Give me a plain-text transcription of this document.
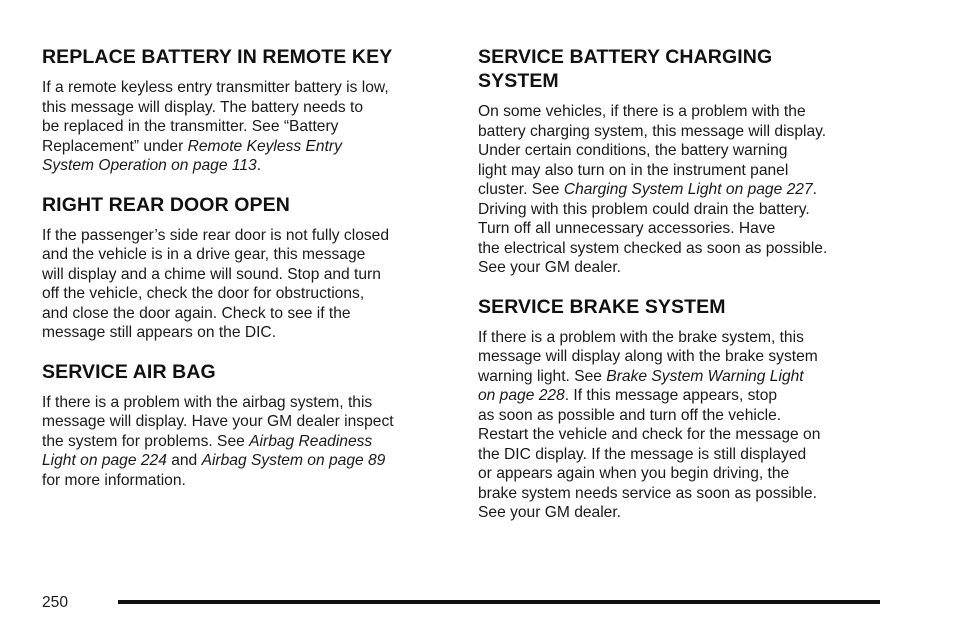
REPLACE BATTERY IN REMOTE KEY

If a remote keyless entry transmitter battery is low,
this message will display. The battery needs to
be replaced in the transmitter. See “Battery
Replacement” under Remote Keyless Entry
System Operation on page 113.

RIGHT REAR DOOR OPEN

If the passenger’s side rear door is not fully closed
and the vehicle is in a drive gear, this message
will display and a chime will sound. Stop and turn
off the vehicle, check the door for obstructions,
and close the door again. Check to see if the
message still appears on the DIC.

SERVICE AIR BAG

If there is a problem with the airbag system, this
message will display. Have your GM dealer inspect
the system for problems. See Airbag Readiness
Light on page 224 and Airbag System on page 89
for more information.

SERVICE BATTERY CHARGING
SYSTEM

On some vehicles, if there is a problem with the
battery charging system, this message will display.
Under certain conditions, the battery warning
light may also turn on in the instrument panel
cluster. See Charging System Light on page 227.
Driving with this problem could drain the battery.
Turn off all unnecessary accessories. Have
the electrical system checked as soon as possible.
See your GM dealer.

SERVICE BRAKE SYSTEM

If there is a problem with the brake system, this
message will display along with the brake system
warning light. See Brake System Warning Light
on page 228. If this message appears, stop
as soon as possible and turn off the vehicle.
Restart the vehicle and check for the message on
the DIC display. If the message is still displayed
or appears again when you begin driving, the
brake system needs service as soon as possible.
See your GM dealer.

250
